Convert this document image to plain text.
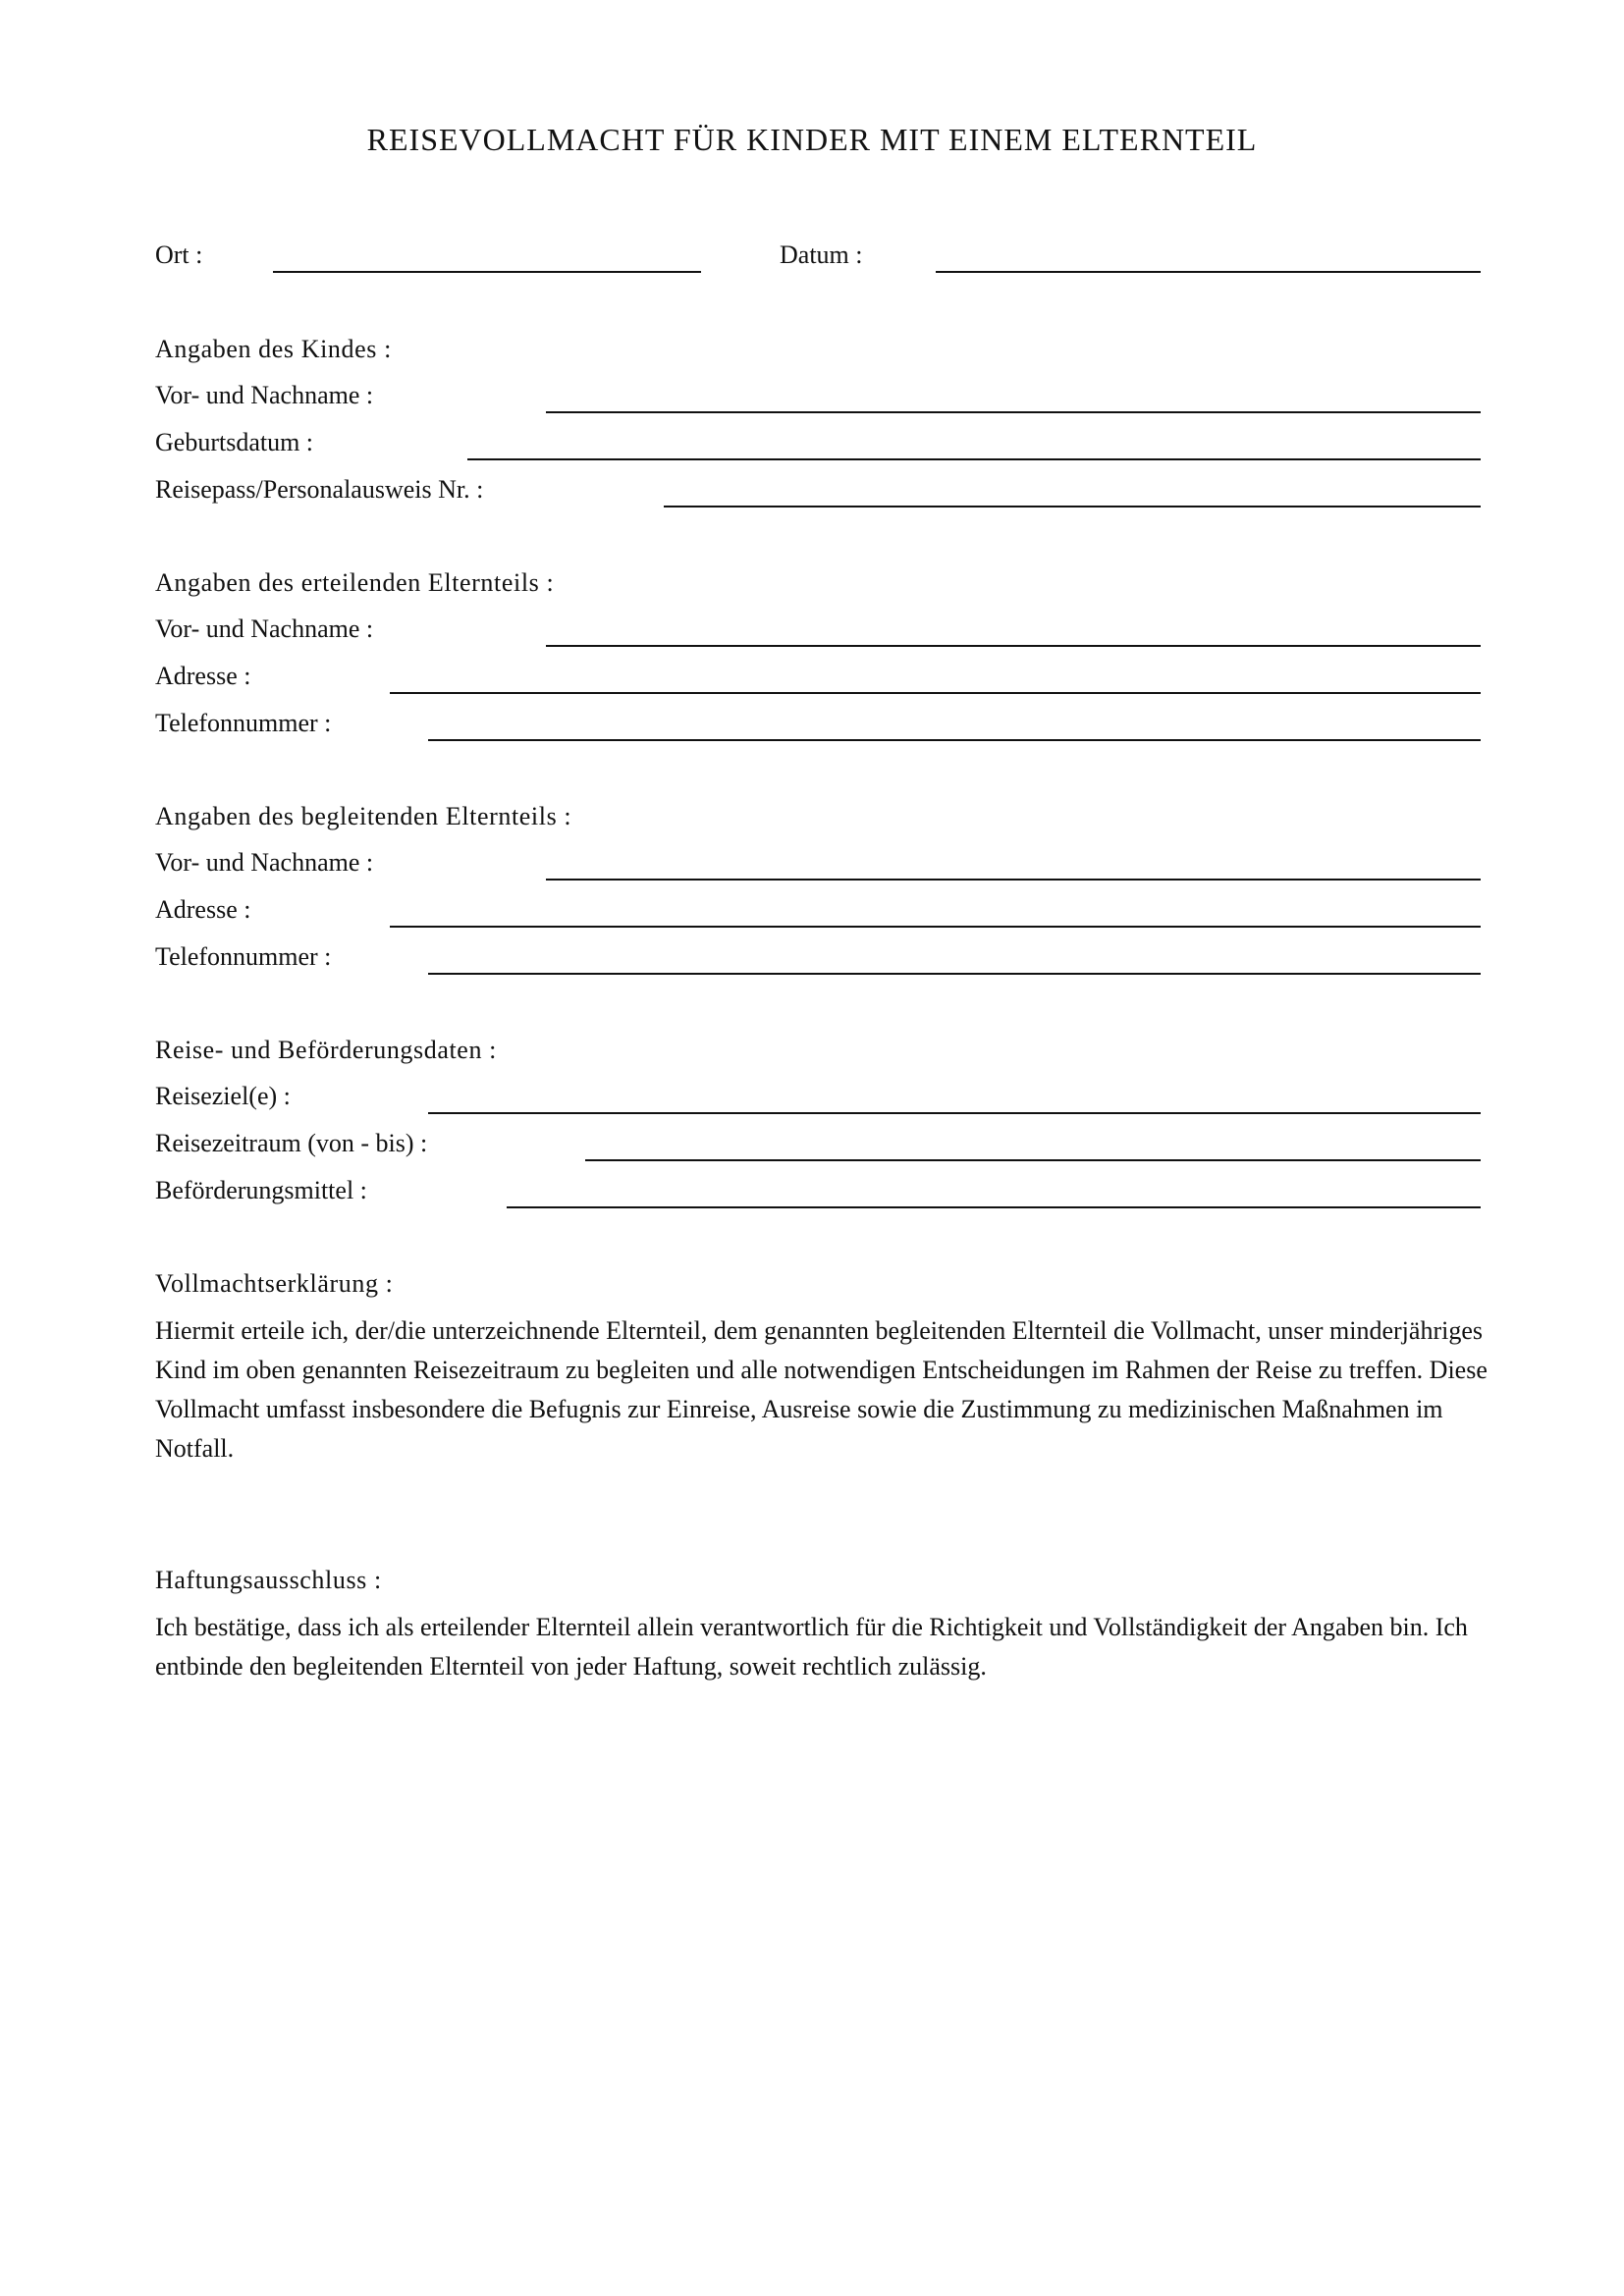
REISEVOLLMACHT FÜR KINDER MIT EINEM ELTERNTEIL
Ort :	Datum :
Angaben des Kindes :
Vor- und Nachname :
Geburtsdatum :
Reisepass/Personalausweis Nr. :
Angaben des erteilenden Elternteils :
Vor- und Nachname :
Adresse :
Telefonnummer :
Angaben des begleitenden Elternteils :
Vor- und Nachname :
Adresse :
Telefonnummer :
Reise- und Beförderungsdaten :
Reiseziel(e) :
Reisezeitraum (von - bis) :
Beförderungsmittel :
Vollmachtserklärung :
Hiermit erteile ich, der/die unterzeichnende Elternteil, dem genannten begleitenden Elternteil die Vollmacht, unser minderjähriges Kind im oben genannten Reisezeitraum zu begleiten und alle notwendigen Entscheidungen im Rahmen der Reise zu treffen. Diese Vollmacht umfasst insbesondere die Befugnis zur Einreise, Ausreise sowie die Zustimmung zu medizinischen Maßnahmen im Notfall.
Haftungsausschluss :
Ich bestätige, dass ich als erteilender Elternteil allein verantwortlich für die Richtigkeit und Vollständigkeit der Angaben bin. Ich entbinde den begleitenden Elternteil von jeder Haftung, soweit rechtlich zulässig.
